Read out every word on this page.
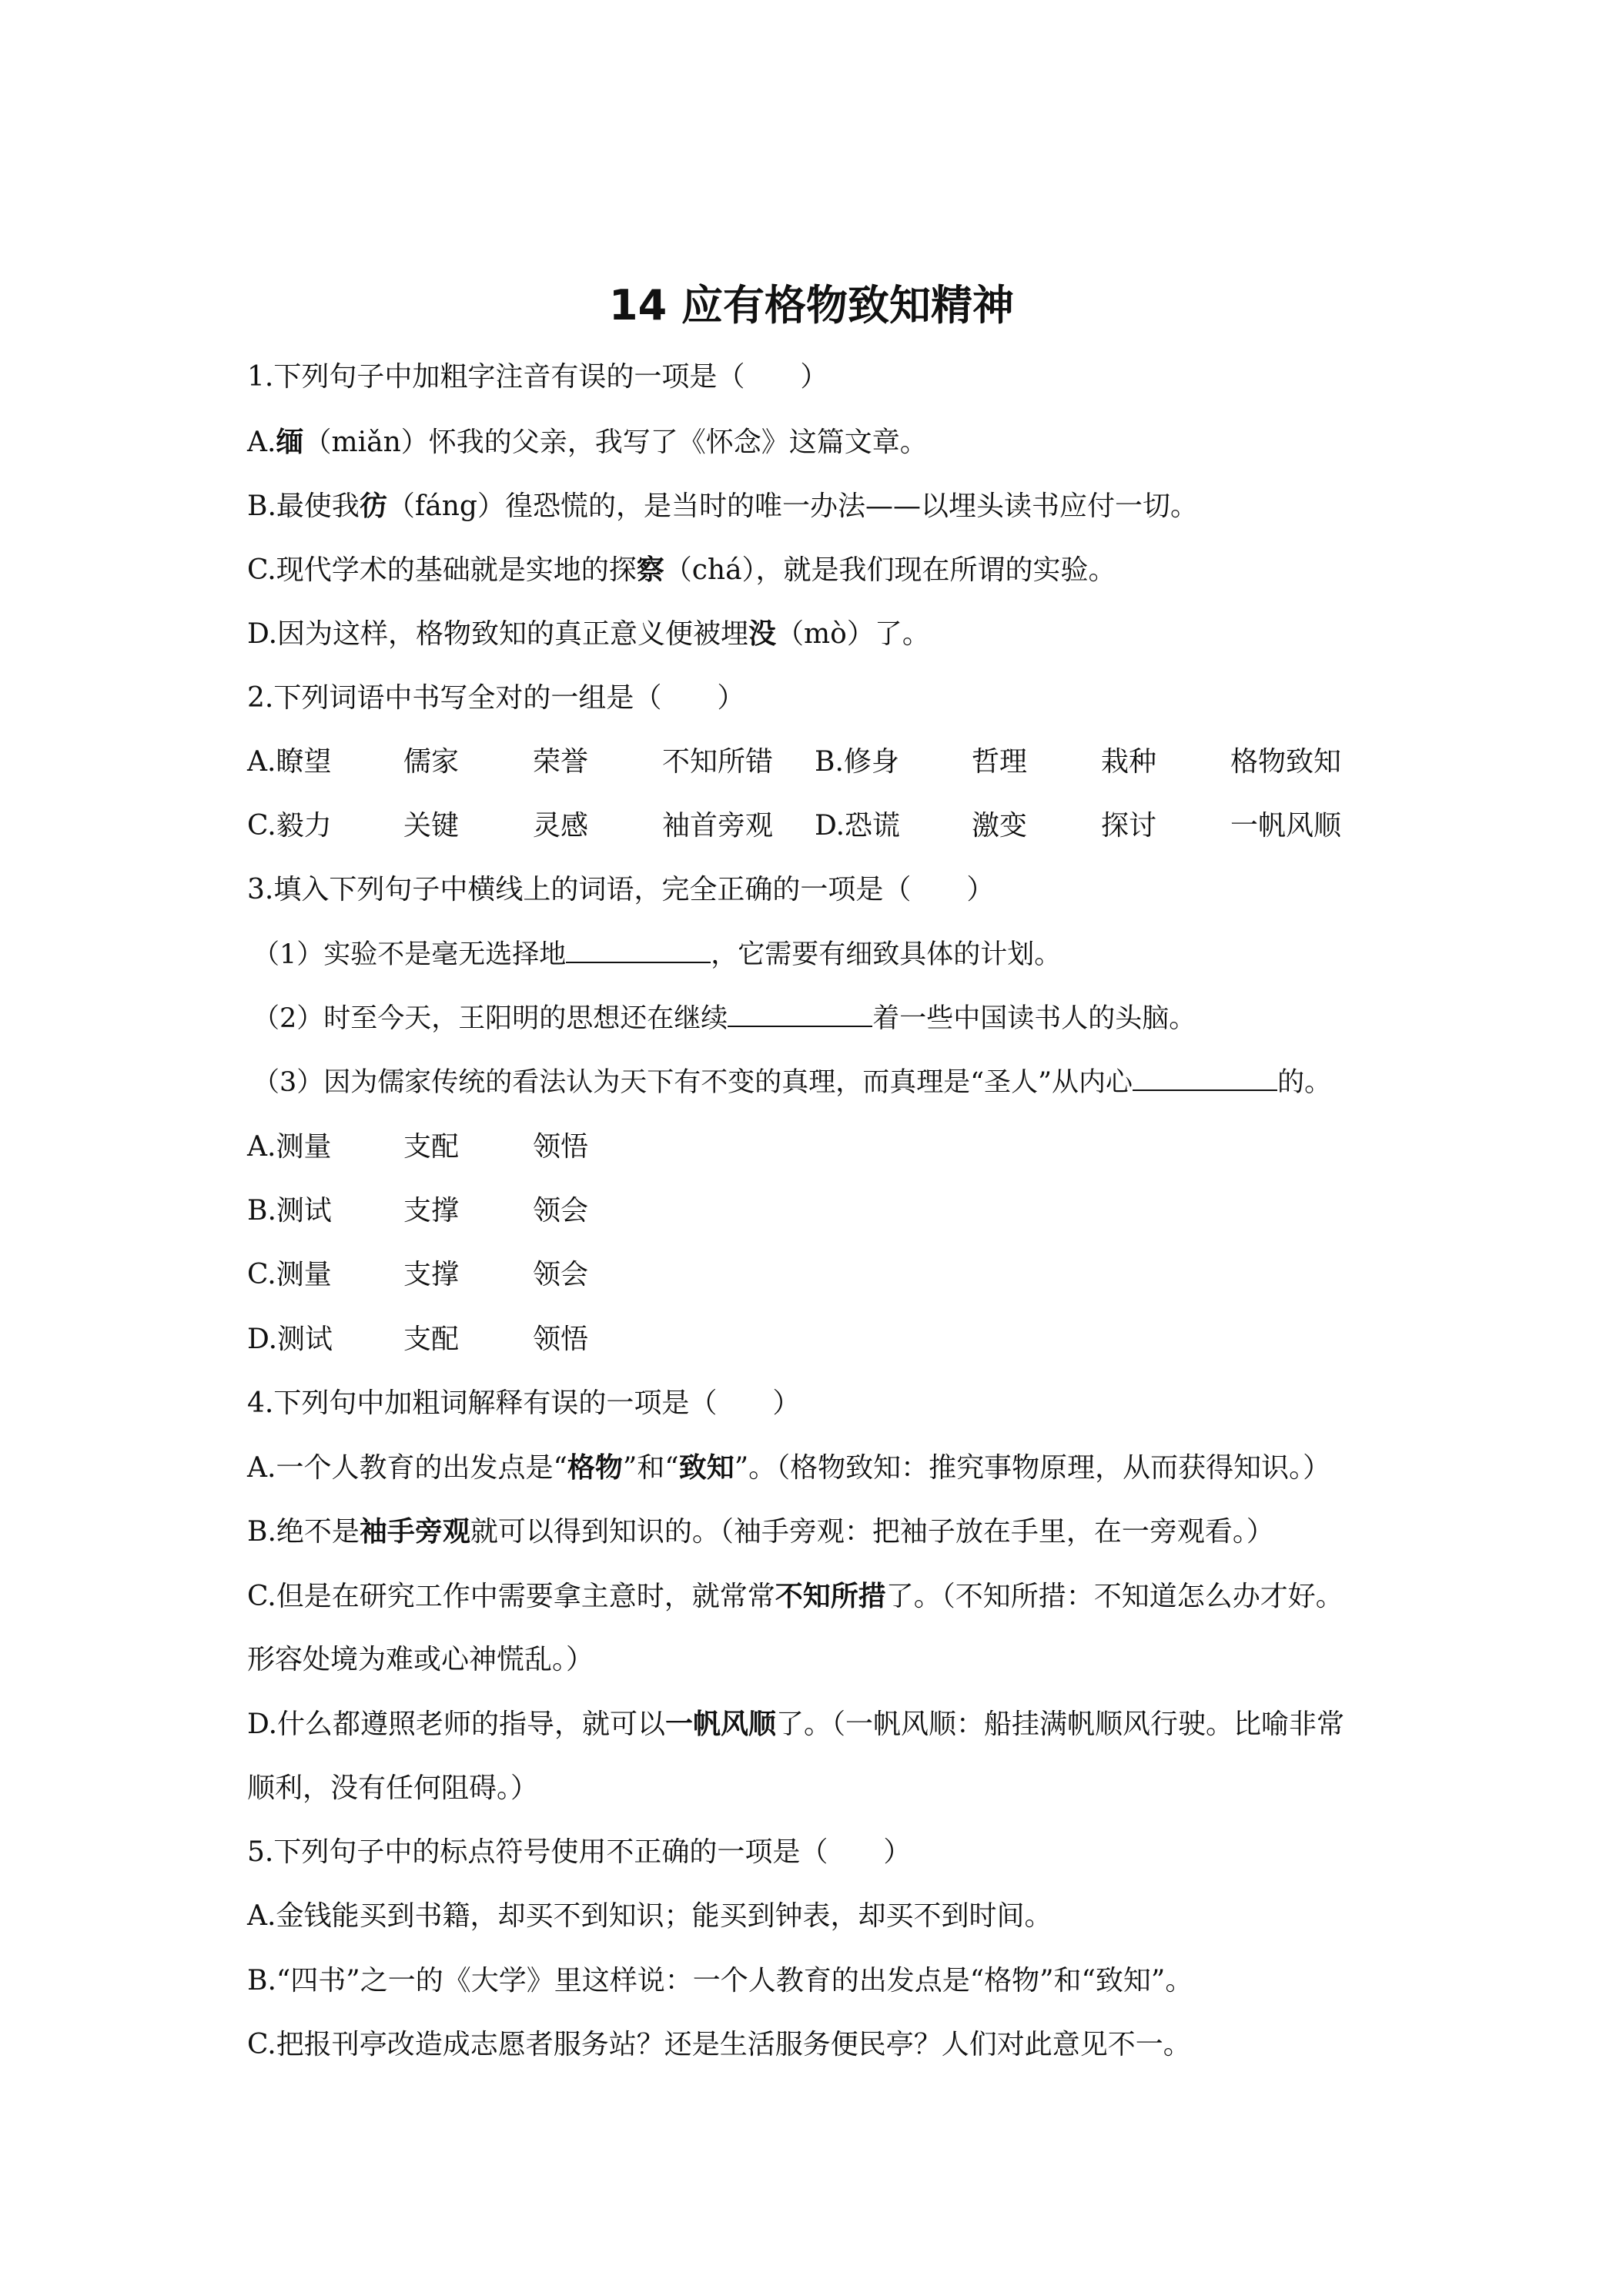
14 应有格物致知精神
1.下列句子中加粗字注音有误的一项是（　　）
A.缅（miǎn）怀我的父亲，我写了《怀念》这篇文章。
B.最使我彷（fáng）徨恐慌的，是当时的唯一办法——以埋头读书应付一切。
C.现代学术的基础就是实地的探察（chá），就是我们现在所谓的实验。
D.因为这样，格物致知的真正意义便被埋没（mò）了。
2.下列词语中书写全对的一组是（　　）
A.瞭望	儒家	荣誉	不知所错 B.修身	哲理	栽种	格物致知
C.毅力	关键	灵感	袖首旁观 D.恐谎	激变	探讨	一帆风顺
3.填入下列句子中横线上的词语，完全正确的一项是（　　）
（1）实验不是毫无选择地	，它需要有细致具体的计划。
（2）时至今天，王阳明的思想还在继续	着一些中国读书人的头脑。
（3）因为儒家传统的看法认为天下有不变的真理，而真理是“圣人”从内心	的。
A.测量	支配	领悟
B.测试	支撑	领会
C.测量	支撑	领会
D.测试	支配	领悟
4.下列句中加粗词解释有误的一项是（　　）
A.一个人教育的出发点是“格物”和“致知”。（格物致知：推究事物原理，从而获得知识。）
B.绝不是袖手旁观就可以得到知识的。（袖手旁观：把袖子放在手里，在一旁观看。）
C.但是在研究工作中需要拿主意时，就常常不知所措了。（不知所措：不知道怎么办才好。
形容处境为难或心神慌乱。）
D.什么都遵照老师的指导，就可以一帆风顺了。（一帆风顺：船挂满帆顺风行驶。比喻非常
顺利，没有任何阻碍。）
5.下列句子中的标点符号使用不正确的一项是（　　）
A.金钱能买到书籍，却买不到知识；能买到钟表，却买不到时间。
B.“四书”之一的《大学》里这样说：一个人教育的出发点是“格物”和“致知”。
C.把报刊亭改造成志愿者服务站？还是生活服务便民亭？人们对此意见不一。
